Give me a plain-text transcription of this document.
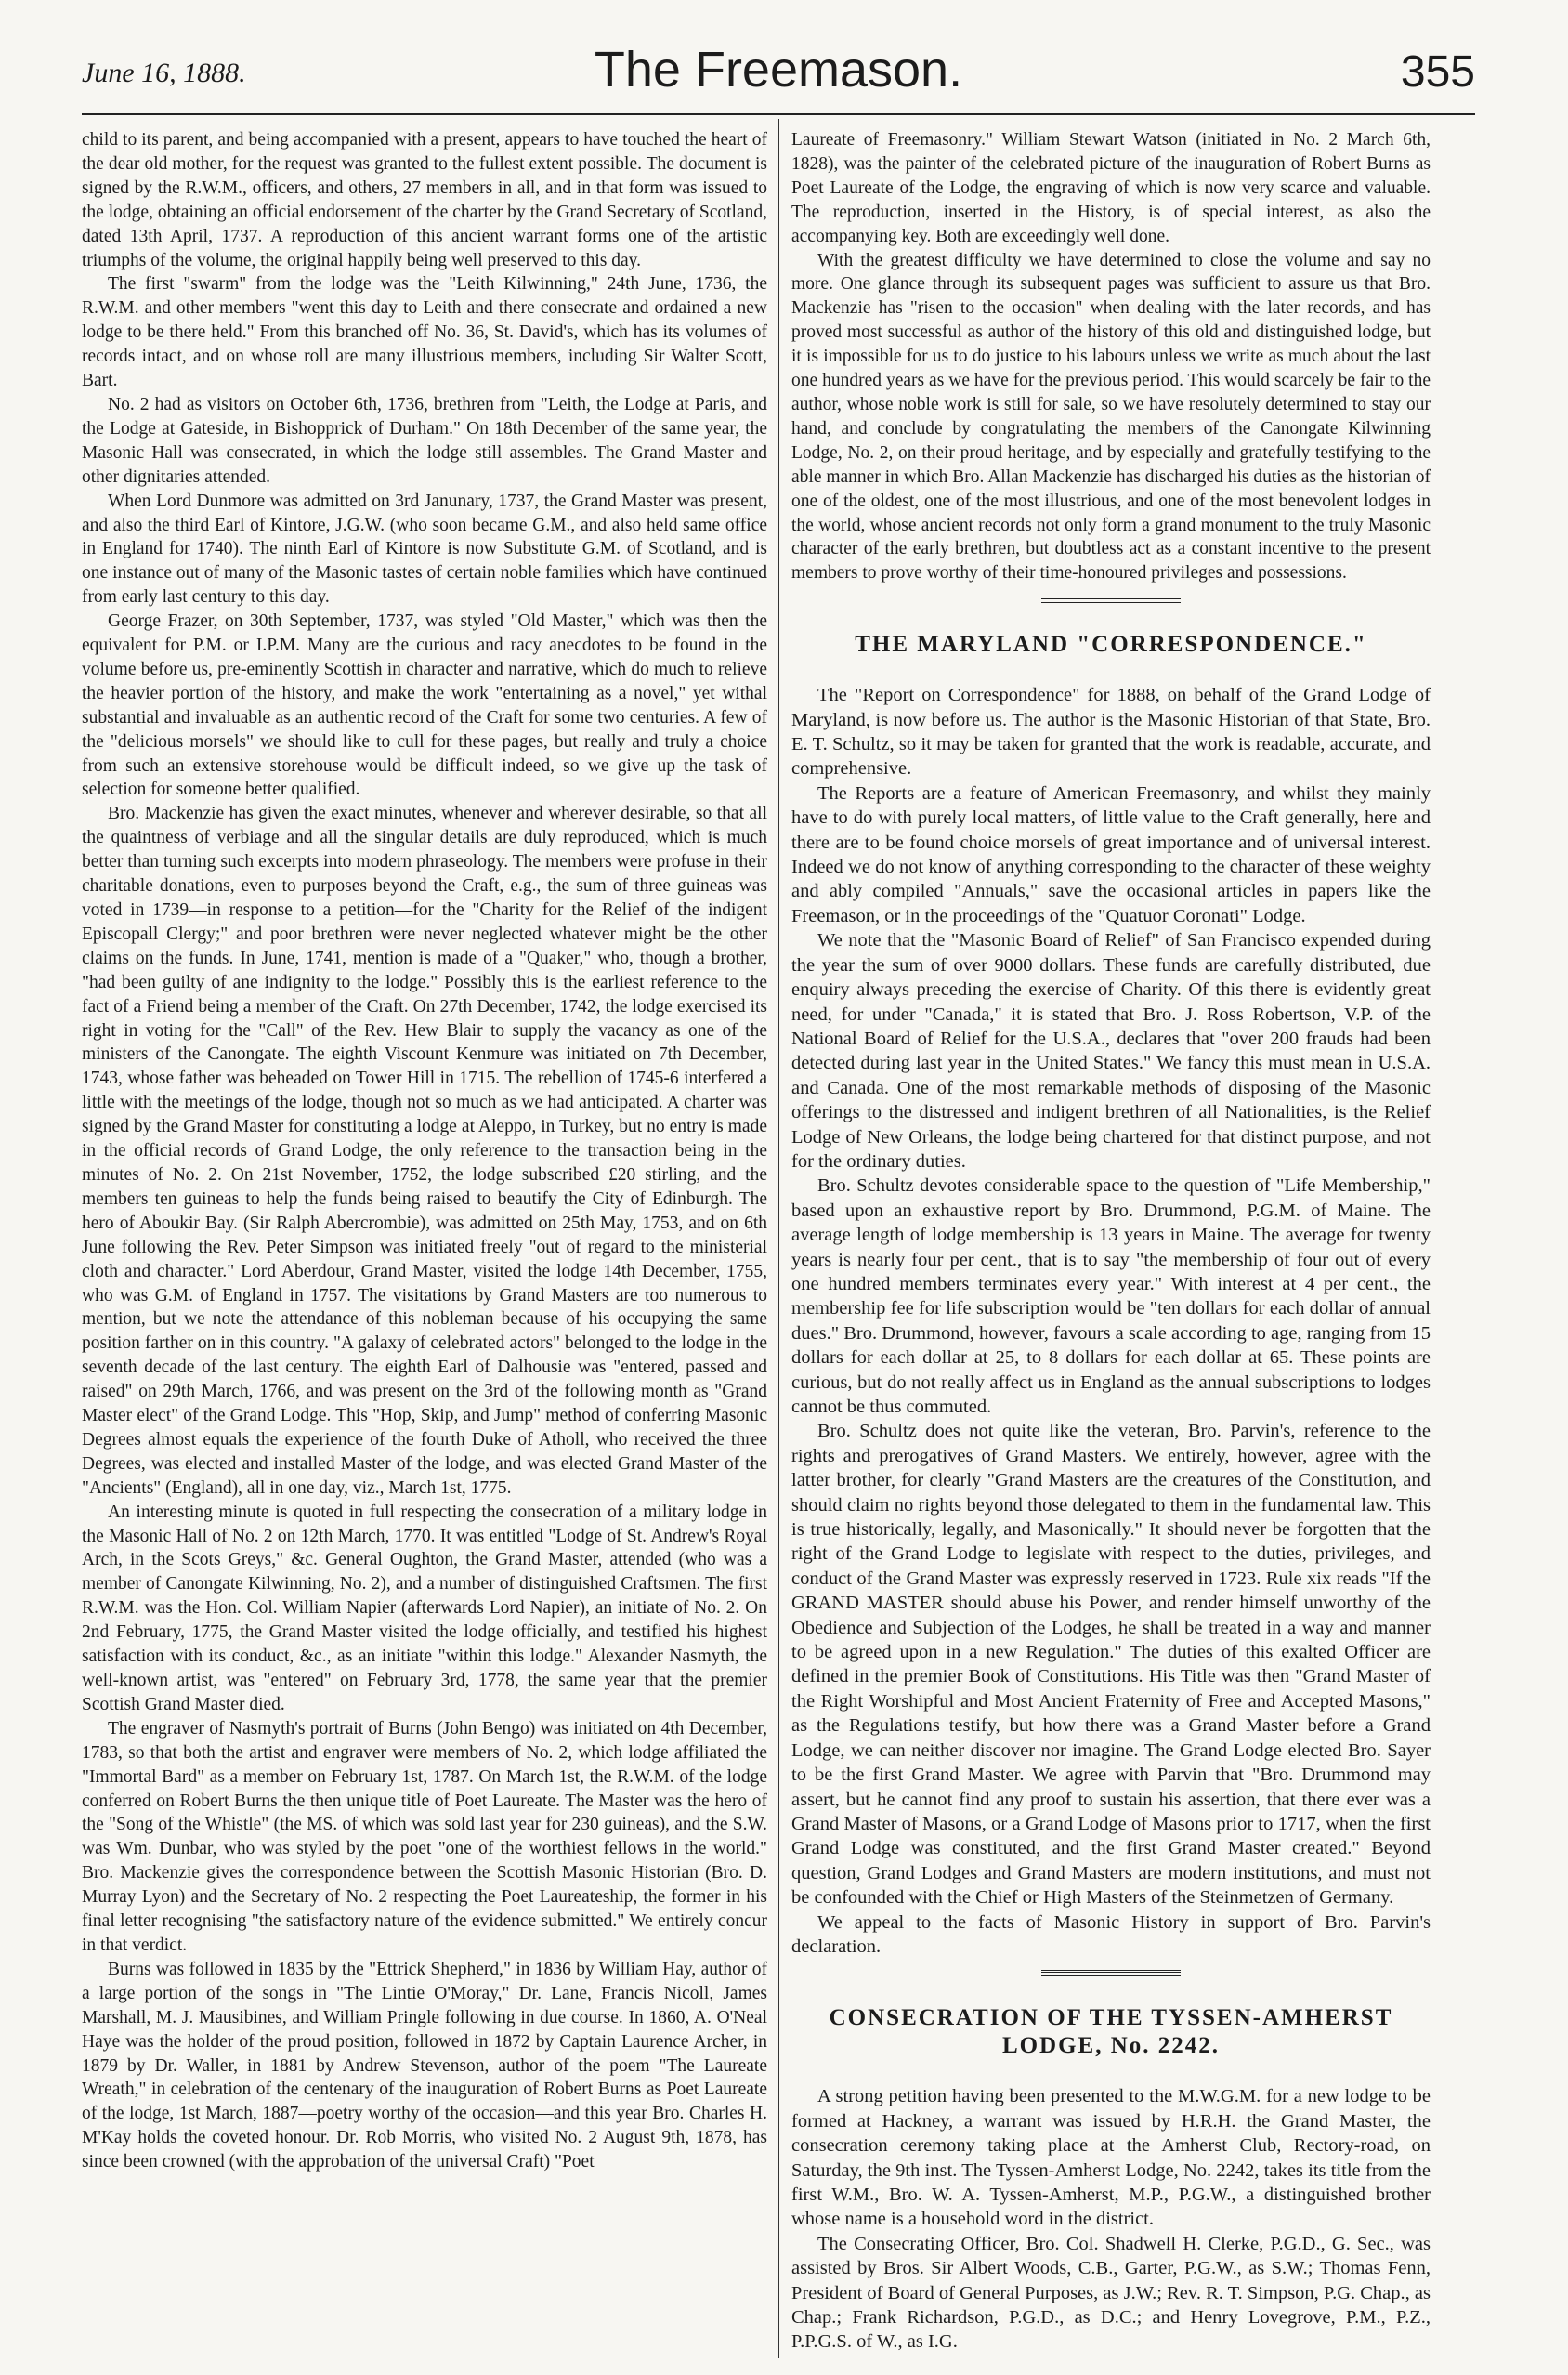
June 16, 1888.	The Freemason.	355

child to its parent, and being accompanied with a present, appears to have touched the heart of the dear old mother, for the request was granted to the fullest extent possible. The document is signed by the R.W.M., officers, and others, 27 members in all, and in that form was issued to the lodge, obtaining an official endorsement of the charter by the Grand Secretary of Scotland, dated 13th April, 1737. A reproduction of this ancient warrant forms one of the artistic triumphs of the volume, the original happily being well preserved to this day.

The first "swarm" from the lodge was the "Leith Kilwinning," 24th June, 1736, the R.W.M. and other members "went this day to Leith and there consecrate and ordained a new lodge to be there held." From this branched off No. 36, St. David's, which has its volumes of records intact, and on whose roll are many illustrious members, including Sir Walter Scott, Bart.

No. 2 had as visitors on October 6th, 1736, brethren from "Leith, the Lodge at Paris, and the Lodge at Gateside, in Bishopprick of Durham." On 18th December of the same year, the Masonic Hall was consecrated, in which the lodge still assembles. The Grand Master and other dignitaries attended.

When Lord Dunmore was admitted on 3rd Janunary, 1737, the Grand Master was present, and also the third Earl of Kintore, J.G.W. (who soon became G.M., and also held same office in England for 1740). The ninth Earl of Kintore is now Substitute G.M. of Scotland, and is one instance out of many of the Masonic tastes of certain noble families which have continued from early last century to this day.

George Frazer, on 30th September, 1737, was styled "Old Master," which was then the equivalent for P.M. or I.P.M. Many are the curious and racy anecdotes to be found in the volume before us, pre-eminently Scottish in character and narrative, which do much to relieve the heavier portion of the history, and make the work "entertaining as a novel," yet withal substantial and invaluable as an authentic record of the Craft for some two centuries. A few of the "delicious morsels" we should like to cull for these pages, but really and truly a choice from such an extensive storehouse would be difficult indeed, so we give up the task of selection for someone better qualified.

Bro. Mackenzie has given the exact minutes, whenever and wherever desirable, so that all the quaintness of verbiage and all the singular details are duly reproduced, which is much better than turning such excerpts into modern phraseology. The members were profuse in their charitable donations, even to purposes beyond the Craft, e.g., the sum of three guineas was voted in 1739—in response to a petition—for the "Charity for the Relief of the indigent Episcopall Clergy;" and poor brethren were never neglected whatever might be the other claims on the funds. In June, 1741, mention is made of a "Quaker," who, though a brother, "had been guilty of ane indignity to the lodge." Possibly this is the earliest reference to the fact of a Friend being a member of the Craft. On 27th December, 1742, the lodge exercised its right in voting for the "Call" of the Rev. Hew Blair to supply the vacancy as one of the ministers of the Canongate. The eighth Viscount Kenmure was initiated on 7th December, 1743, whose father was beheaded on Tower Hill in 1715. The rebellion of 1745-6 interfered a little with the meetings of the lodge, though not so much as we had anticipated. A charter was signed by the Grand Master for constituting a lodge at Aleppo, in Turkey, but no entry is made in the official records of Grand Lodge, the only reference to the transaction being in the minutes of No. 2. On 21st November, 1752, the lodge subscribed £20 stirling, and the members ten guineas to help the funds being raised to beautify the City of Edinburgh. The hero of Aboukir Bay. (Sir Ralph Abercrombie), was admitted on 25th May, 1753, and on 6th June following the Rev. Peter Simpson was initiated freely "out of regard to the ministerial cloth and character." Lord Aberdour, Grand Master, visited the lodge 14th December, 1755, who was G.M. of England in 1757. The visitations by Grand Masters are too numerous to mention, but we note the attendance of this nobleman because of his occupying the same position farther on in this country. "A galaxy of celebrated actors" belonged to the lodge in the seventh decade of the last century. The eighth Earl of Dalhousie was "entered, passed and raised" on 29th March, 1766, and was present on the 3rd of the following month as "Grand Master elect" of the Grand Lodge. This "Hop, Skip, and Jump" method of conferring Masonic Degrees almost equals the experience of the fourth Duke of Atholl, who received the three Degrees, was elected and installed Master of the lodge, and was elected Grand Master of the "Ancients" (England), all in one day, viz., March 1st, 1775.

An interesting minute is quoted in full respecting the consecration of a military lodge in the Masonic Hall of No. 2 on 12th March, 1770. It was entitled "Lodge of St. Andrew's Royal Arch, in the Scots Greys," &c. General Oughton, the Grand Master, attended (who was a member of Canongate Kilwinning, No. 2), and a number of distinguished Craftsmen. The first R.W.M. was the Hon. Col. William Napier (afterwards Lord Napier), an initiate of No. 2. On 2nd February, 1775, the Grand Master visited the lodge officially, and testified his highest satisfaction with its conduct, &c., as an initiate "within this lodge." Alexander Nasmyth, the well-known artist, was "entered" on February 3rd, 1778, the same year that the premier Scottish Grand Master died.

The engraver of Nasmyth's portrait of Burns (John Bengo) was initiated on 4th December, 1783, so that both the artist and engraver were members of No. 2, which lodge affiliated the "Immortal Bard" as a member on February 1st, 1787. On March 1st, the R.W.M. of the lodge conferred on Robert Burns the then unique title of Poet Laureate. The Master was the hero of the "Song of the Whistle" (the MS. of which was sold last year for 230 guineas), and the S.W. was Wm. Dunbar, who was styled by the poet "one of the worthiest fellows in the world." Bro. Mackenzie gives the correspondence between the Scottish Masonic Historian (Bro. D. Murray Lyon) and the Secretary of No. 2 respecting the Poet Laureateship, the former in his final letter recognising "the satisfactory nature of the evidence submitted." We entirely concur in that verdict.

Burns was followed in 1835 by the "Ettrick Shepherd," in 1836 by William Hay, author of a large portion of the songs in "The Lintie O'Moray," Dr. Lane, Francis Nicoll, James Marshall, M. J. Mausibines, and William Pringle following in due course. In 1860, A. O'Neal Haye was the holder of the proud position, followed in 1872 by Captain Laurence Archer, in 1879 by Dr. Waller, in 1881 by Andrew Stevenson, author of the poem "The Laureate Wreath," in celebration of the centenary of the inauguration of Robert Burns as Poet Laureate of the lodge, 1st March, 1887—poetry worthy of the occasion—and this year Bro. Charles H. M'Kay holds the coveted honour. Dr. Rob Morris, who visited No. 2 August 9th, 1878, has since been crowned (with the approbation of the universal Craft) "Poet

Laureate of Freemasonry." William Stewart Watson (initiated in No. 2 March 6th, 1828), was the painter of the celebrated picture of the inauguration of Robert Burns as Poet Laureate of the Lodge, the engraving of which is now very scarce and valuable. The reproduction, inserted in the History, is of special interest, as also the accompanying key. Both are exceedingly well done.

With the greatest difficulty we have determined to close the volume and say no more. One glance through its subsequent pages was sufficient to assure us that Bro. Mackenzie has "risen to the occasion" when dealing with the later records, and has proved most successful as author of the history of this old and distinguished lodge, but it is impossible for us to do justice to his labours unless we write as much about the last one hundred years as we have for the previous period. This would scarcely be fair to the author, whose noble work is still for sale, so we have resolutely determined to stay our hand, and conclude by congratulating the members of the Canongate Kilwinning Lodge, No. 2, on their proud heritage, and by especially and gratefully testifying to the able manner in which Bro. Allan Mackenzie has discharged his duties as the historian of one of the oldest, one of the most illustrious, and one of the most benevolent lodges in the world, whose ancient records not only form a grand monument to the truly Masonic character of the early brethren, but doubtless act as a constant incentive to the present members to prove worthy of their time-honoured privileges and possessions.

THE MARYLAND "CORRESPONDENCE."

The "Report on Correspondence" for 1888, on behalf of the Grand Lodge of Maryland, is now before us. The author is the Masonic Historian of that State, Bro. E. T. Schultz, so it may be taken for granted that the work is readable, accurate, and comprehensive.

The Reports are a feature of American Freemasonry, and whilst they mainly have to do with purely local matters, of little value to the Craft generally, here and there are to be found choice morsels of great importance and of universal interest. Indeed we do not know of anything corresponding to the character of these weighty and ably compiled "Annuals," save the occasional articles in papers like the Freemason, or in the proceedings of the "Quatuor Coronati" Lodge.

We note that the "Masonic Board of Relief" of San Francisco expended during the year the sum of over 9000 dollars. These funds are carefully distributed, due enquiry always preceding the exercise of Charity. Of this there is evidently great need, for under "Canada," it is stated that Bro. J. Ross Robertson, V.P. of the National Board of Relief for the U.S.A., declares that "over 200 frauds had been detected during last year in the United States." We fancy this must mean in U.S.A. and Canada. One of the most remarkable methods of disposing of the Masonic offerings to the distressed and indigent brethren of all Nationalities, is the Relief Lodge of New Orleans, the lodge being chartered for that distinct purpose, and not for the ordinary duties.

Bro. Schultz devotes considerable space to the question of "Life Membership," based upon an exhaustive report by Bro. Drummond, P.G.M. of Maine. The average length of lodge membership is 13 years in Maine. The average for twenty years is nearly four per cent., that is to say "the membership of four out of every one hundred members terminates every year." With interest at 4 per cent., the membership fee for life subscription would be "ten dollars for each dollar of annual dues." Bro. Drummond, however, favours a scale according to age, ranging from 15 dollars for each dollar at 25, to 8 dollars for each dollar at 65. These points are curious, but do not really affect us in England as the annual subscriptions to lodges cannot be thus commuted.

Bro. Schultz does not quite like the veteran, Bro. Parvin's, reference to the rights and prerogatives of Grand Masters. We entirely, however, agree with the latter brother, for clearly "Grand Masters are the creatures of the Constitution, and should claim no rights beyond those delegated to them in the fundamental law. This is true historically, legally, and Masonically." It should never be forgotten that the right of the Grand Lodge to legislate with respect to the duties, privileges, and conduct of the Grand Master was expressly reserved in 1723. Rule xix reads "If the GRAND MASTER should abuse his Power, and render himself unworthy of the Obedience and Subjection of the Lodges, he shall be treated in a way and manner to be agreed upon in a new Regulation." The duties of this exalted Officer are defined in the premier Book of Constitutions. His Title was then "Grand Master of the Right Worshipful and Most Ancient Fraternity of Free and Accepted Masons," as the Regulations testify, but how there was a Grand Master before a Grand Lodge, we can neither discover nor imagine. The Grand Lodge elected Bro. Sayer to be the first Grand Master. We agree with Parvin that "Bro. Drummond may assert, but he cannot find any proof to sustain his assertion, that there ever was a Grand Master of Masons, or a Grand Lodge of Masons prior to 1717, when the first Grand Lodge was constituted, and the first Grand Master created." Beyond question, Grand Lodges and Grand Masters are modern institutions, and must not be confounded with the Chief or High Masters of the Steinmetzen of Germany.

We appeal to the facts of Masonic History in support of Bro. Parvin's declaration.

CONSECRATION OF THE TYSSEN-AMHERST LODGE, No. 2242.

A strong petition having been presented to the M.W.G.M. for a new lodge to be formed at Hackney, a warrant was issued by H.R.H. the Grand Master, the consecration ceremony taking place at the Amherst Club, Rectory-road, on Saturday, the 9th inst. The Tyssen-Amherst Lodge, No. 2242, takes its title from the first W.M., Bro. W. A. Tyssen-Amherst, M.P., P.G.W., a distinguished brother whose name is a household word in the district.

The Consecrating Officer, Bro. Col. Shadwell H. Clerke, P.G.D., G. Sec., was assisted by Bros. Sir Albert Woods, C.B., Garter, P.G.W., as S.W.; Thomas Fenn, President of Board of General Purposes, as J.W.; Rev. R. T. Simpson, P.G. Chap., as Chap.; Frank Richardson, P.G.D., as D.C.; and Henry Lovegrove, P.M., P.Z., P.P.G.S. of W., as I.G.
